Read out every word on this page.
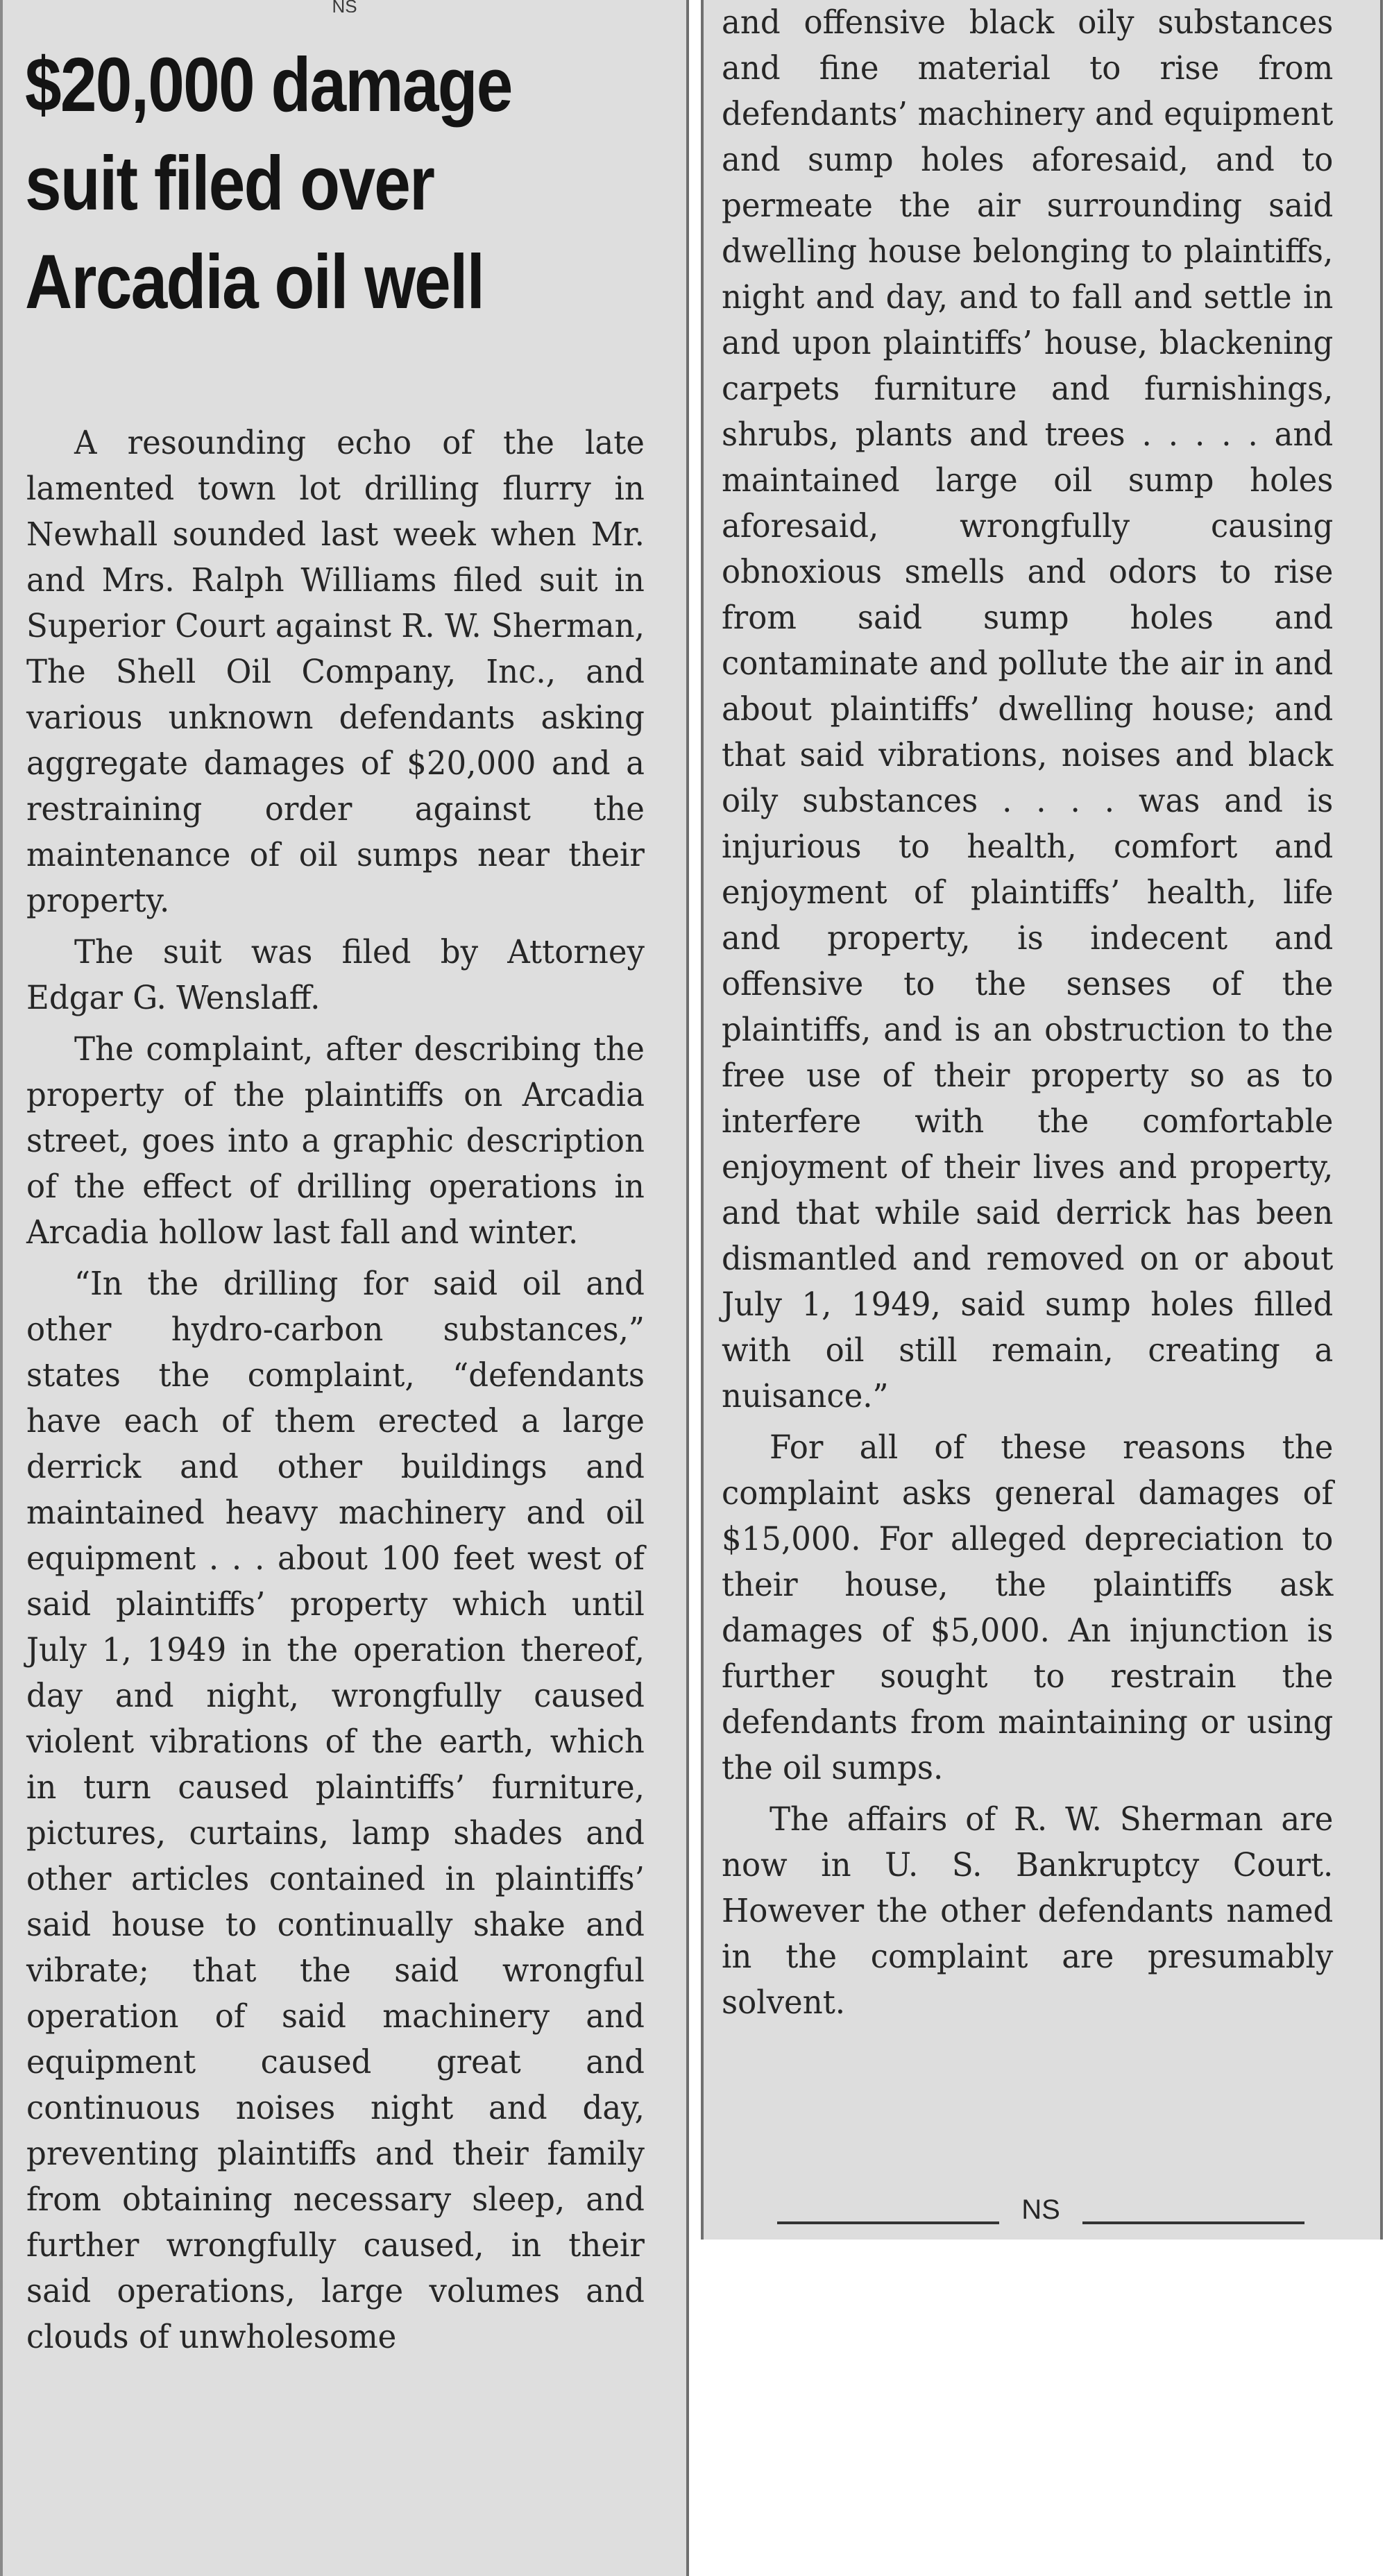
NS
$20,000 damage suit filed over Arcadia oil well

A resounding echo of the late lamented town lot drilling flurry in Newhall sounded last week when Mr. and Mrs. Ralph Williams filed suit in Superior Court against R. W. Sherman, The Shell Oil Company, Inc., and various unknown defendants asking aggregate damages of $20,000 and a restraining order against the maintenance of oil sumps near their property.

The suit was filed by Attorney Edgar G. Wenslaff.

The complaint, after describing the property of the plaintiffs on Arcadia street, goes into a graphic description of the effect of drilling operations in Arcadia hollow last fall and winter.

“In the drilling for said oil and other hydro-carbon substances,” states the complaint, “defendants have each of them erected a large derrick and other buildings and maintained heavy machinery and oil equipment . . . about 100 feet west of said plaintiffs’ property which until July 1, 1949 in the operation thereof, day and night, wrongfully caused violent vibrations of the earth, which in turn caused plaintiffs’ furniture, pictures, curtains, lamp shades and other articles contained in plaintiffs’ said house to continually shake and vibrate; that the said wrongful operation of said machinery and equipment caused great and continuous noises night and day, preventing plaintiffs and their family from obtaining necessary sleep, and further wrongfully caused, in their said operations, large volumes and clouds of unwholesome

and offensive black oily substances and fine material to rise from defendants’ machinery and equipment and sump holes aforesaid, and to permeate the air surrounding said dwelling house belonging to plaintiffs, night and day, and to fall and settle in and upon plaintiffs’ house, blackening carpets furniture and furnishings, shrubs, plants and trees . . . . . and maintained large oil sump holes aforesaid, wrongfully causing obnoxious smells and odors to rise from said sump holes and contaminate and pollute the air in and about plaintiffs’ dwelling house; and that said vibrations, noises and black oily substances . . . . was and is injurious to health, comfort and enjoyment of plaintiffs’ health, life and property, is indecent and offensive to the senses of the plaintiffs, and is an obstruction to the free use of their property so as to interfere with the comfortable enjoyment of their lives and property, and that while said derrick has been dismantled and removed on or about July 1, 1949, said sump holes filled with oil still remain, creating a nuisance.”

For all of these reasons the complaint asks general damages of $15,000. For alleged depreciation to their house, the plaintiffs ask damages of $5,000. An injunction is further sought to restrain the defendants from maintaining or using the oil sumps.

The affairs of R. W. Sherman are now in U. S. Bankruptcy Court. However the other defendants named in the complaint are presumably solvent.

NS
